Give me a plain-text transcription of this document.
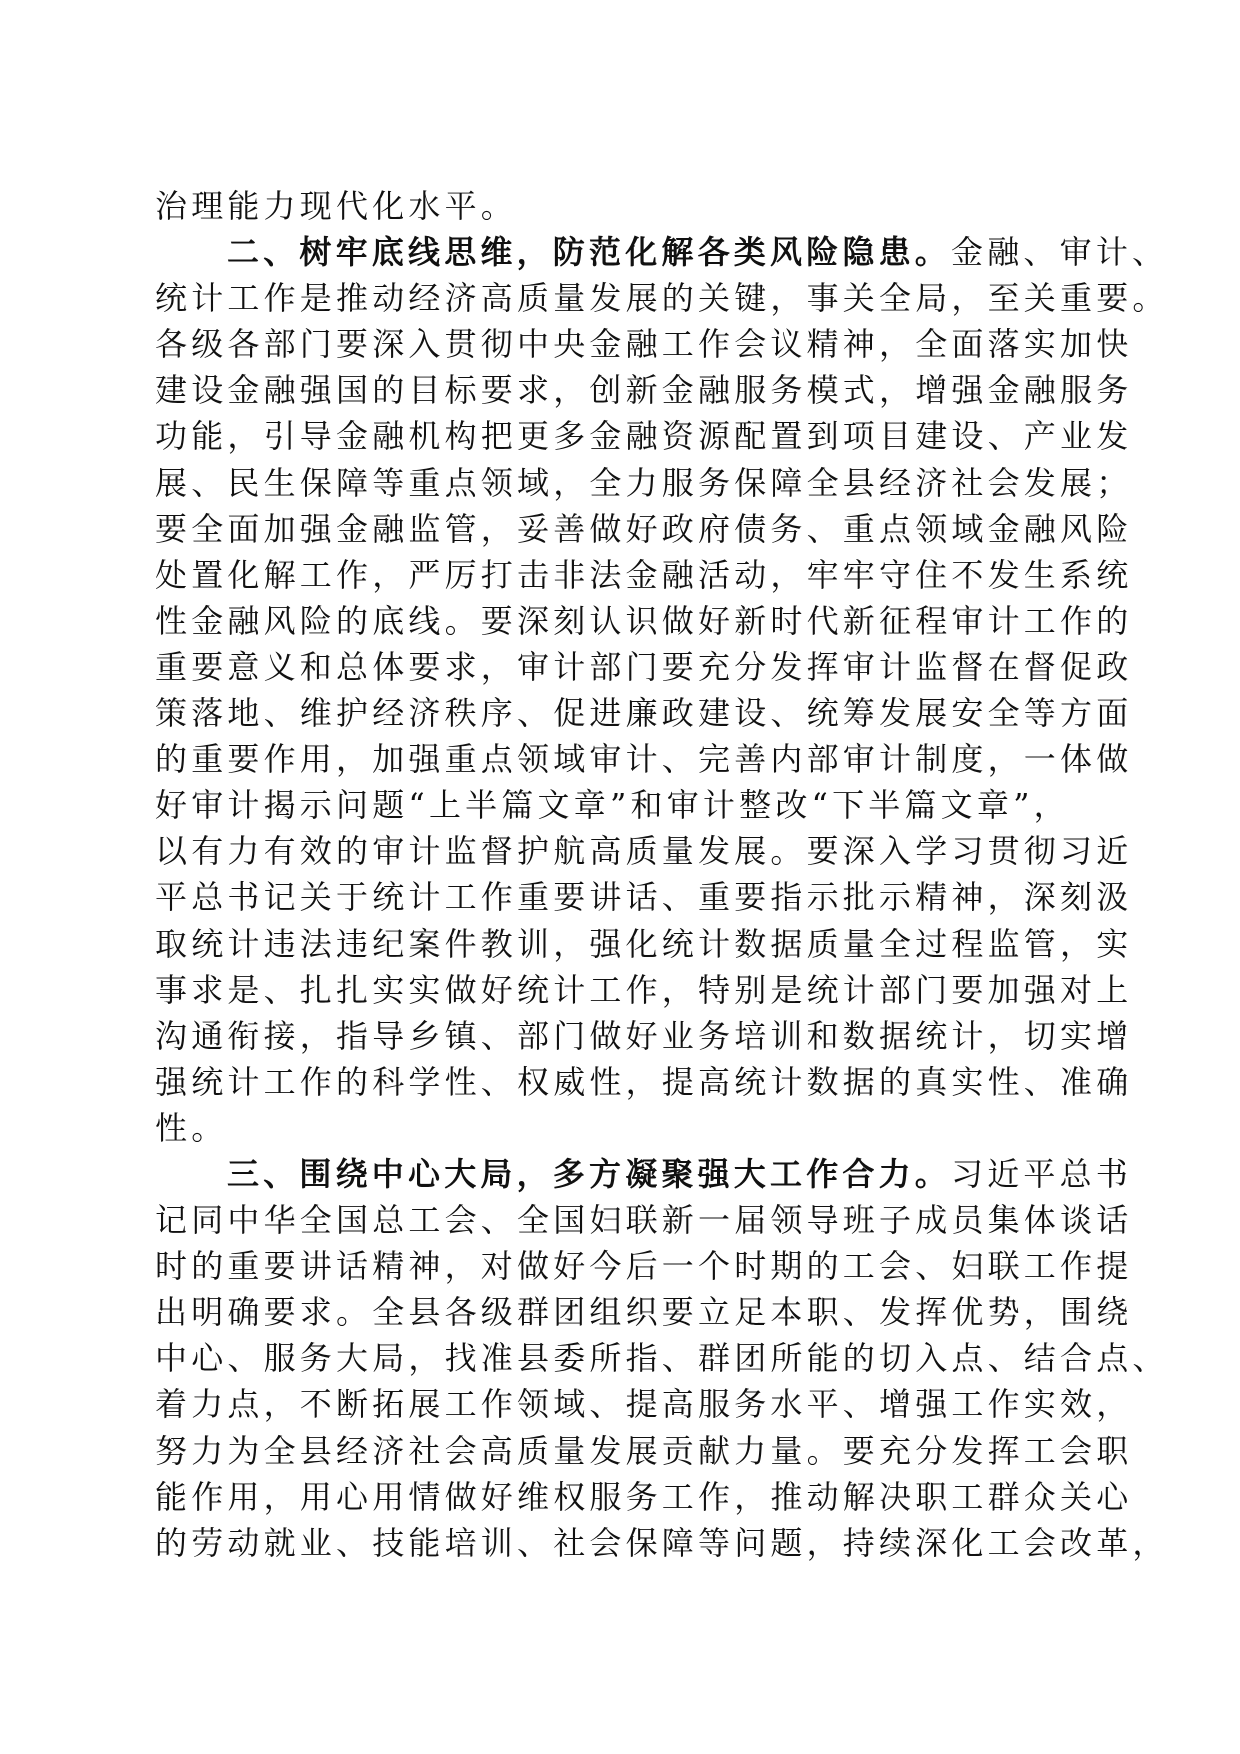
治理能力现代化水平。
二、树牢底线思维，防范化解各类风险隐患。金融、审计、
统计工作是推动经济高质量发展的关键，事关全局，至关重要。
各级各部门要深入贯彻中央金融工作会议精神，全面落实加快
建设金融强国的目标要求，创新金融服务模式，增强金融服务
功能，引导金融机构把更多金融资源配置到项目建设、产业发
展、民生保障等重点领域，全力服务保障全县经济社会发展；
要全面加强金融监管，妥善做好政府债务、重点领域金融风险
处置化解工作，严厉打击非法金融活动，牢牢守住不发生系统
性金融风险的底线。要深刻认识做好新时代新征程审计工作的
重要意义和总体要求，审计部门要充分发挥审计监督在督促政
策落地、维护经济秩序、促进廉政建设、统筹发展安全等方面
的重要作用，加强重点领域审计、完善内部审计制度，一体做
好审计揭示问题“上半篇文章”和审计整改“下半篇文章”，
以有力有效的审计监督护航高质量发展。要深入学习贯彻习近
平总书记关于统计工作重要讲话、重要指示批示精神，深刻汲
取统计违法违纪案件教训，强化统计数据质量全过程监管，实
事求是、扎扎实实做好统计工作，特别是统计部门要加强对上
沟通衔接，指导乡镇、部门做好业务培训和数据统计，切实增
强统计工作的科学性、权威性，提高统计数据的真实性、准确
性。
三、围绕中心大局，多方凝聚强大工作合力。习近平总书
记同中华全国总工会、全国妇联新一届领导班子成员集体谈话
时的重要讲话精神，对做好今后一个时期的工会、妇联工作提
出明确要求。全县各级群团组织要立足本职、发挥优势，围绕
中心、服务大局，找准县委所指、群团所能的切入点、结合点、
着力点，不断拓展工作领域、提高服务水平、增强工作实效，
努力为全县经济社会高质量发展贡献力量。要充分发挥工会职
能作用，用心用情做好维权服务工作，推动解决职工群众关心
的劳动就业、技能培训、社会保障等问题，持续深化工会改革，
